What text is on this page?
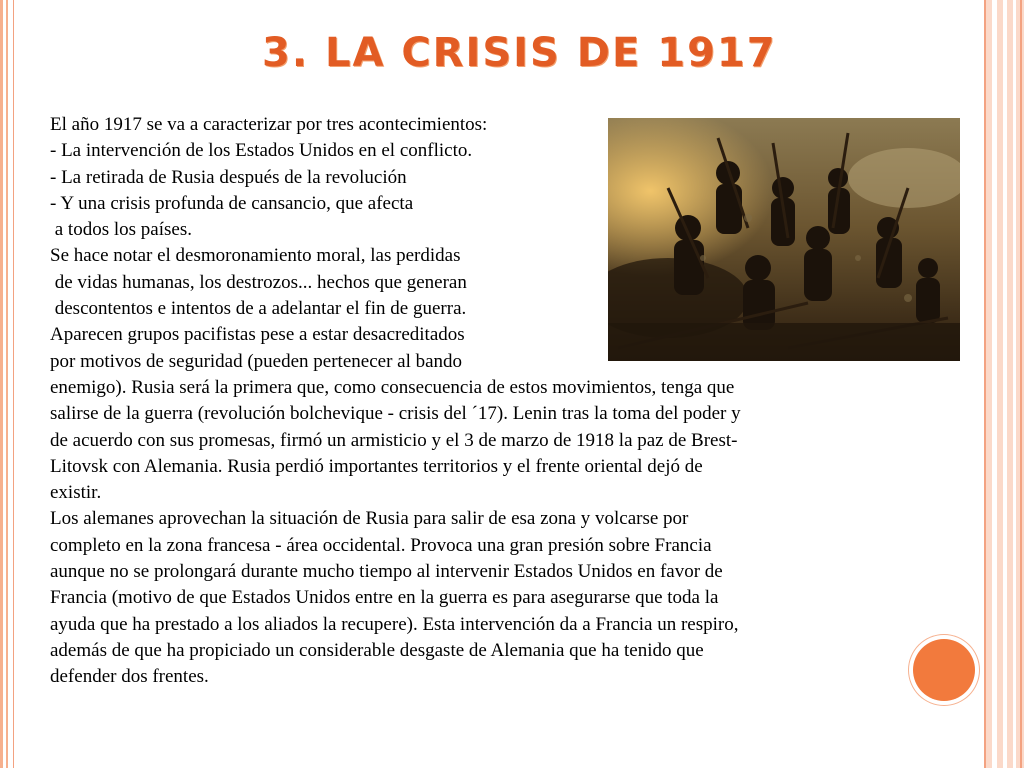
3. LA CRISIS DE 1917
El año 1917 se va a caracterizar por tres acontecimientos:
- La intervención de los Estados Unidos en el conflicto.
- La retirada de Rusia después de la revolución
- Y una crisis profunda de cansancio, que afecta
a todos los países.
Se hace notar el desmoronamiento moral, las perdidas
de vidas humanas, los destrozos... hechos que generan
descontentos e intentos de a adelantar el fin de guerra.
Aparecen grupos pacifistas pese a estar desacreditados
por motivos de seguridad (pueden pertenecer al bando
enemigo). Rusia será la primera que, como consecuencia de estos movimientos, tenga que
salirse de la guerra (revolución bolchevique - crisis del ´17). Lenin tras la toma del poder y
de acuerdo con sus promesas, firmó un armisticio y el 3 de marzo de 1918 la paz de Brest-
Litovsk con Alemania. Rusia perdió importantes territorios y el frente oriental dejó de
existir.
Los alemanes aprovechan la situación de Rusia para salir de esa zona y volcarse por
completo en la zona francesa - área occidental. Provoca una gran presión sobre Francia
aunque no se prolongará durante mucho tiempo al intervenir Estados Unidos en favor de
Francia (motivo de que Estados Unidos entre en la guerra es para asegurarse que toda la
ayuda que ha prestado a los aliados la recupere). Esta intervención da a Francia un respiro,
además de que ha propiciado un considerable desgaste de Alemania que ha tenido que
defender dos frentes.
